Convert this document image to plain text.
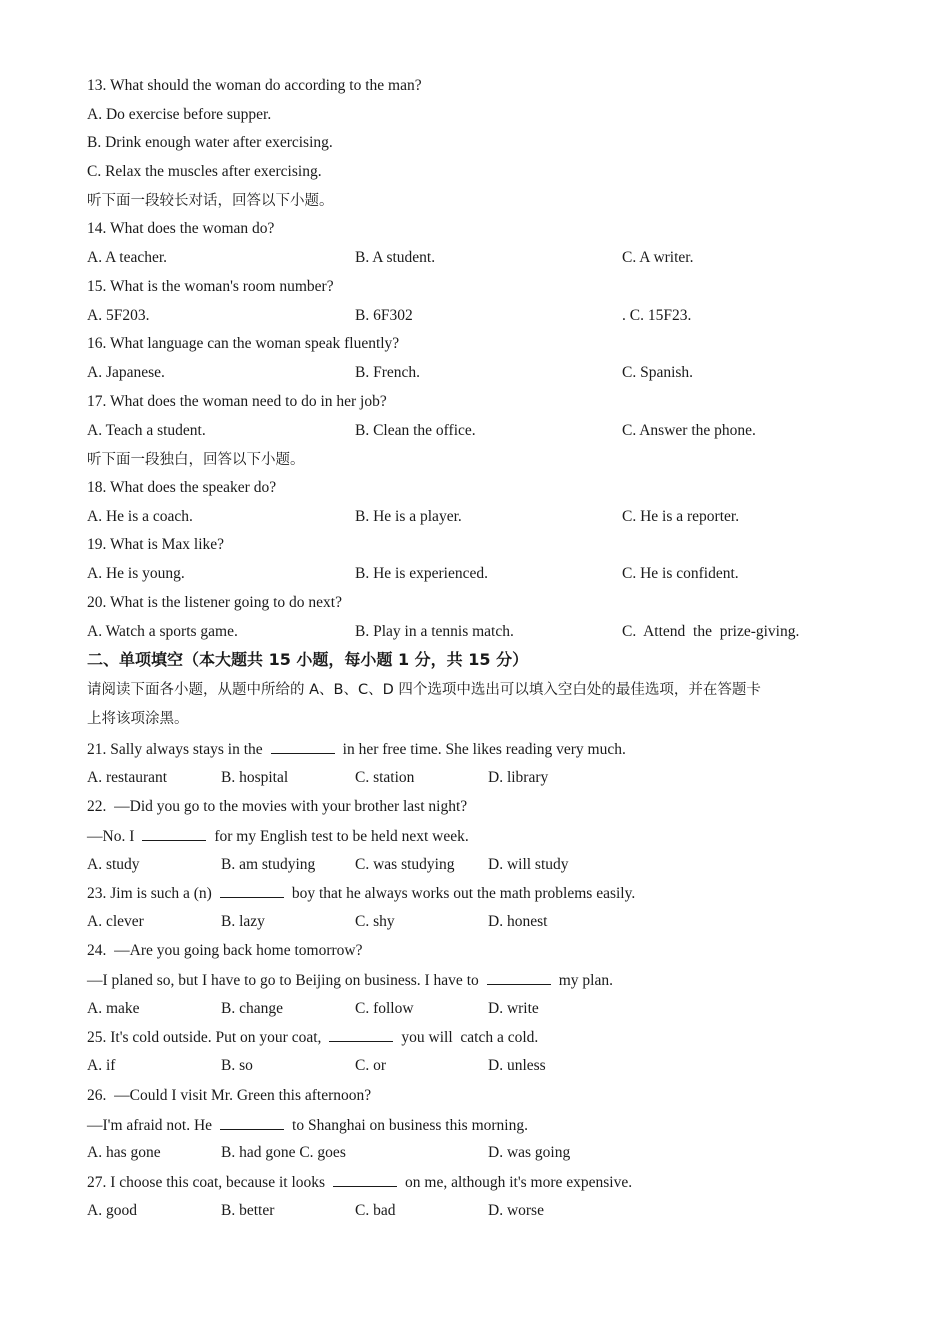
13. What should the woman do according to the man?
A. Do exercise before supper.
B. Drink enough water after exercising.
C. Relax the muscles after exercising.
听下面一段较长对话，回答以下小题。
14. What does the woman do?
A. A teacher.	B. A student.	C. A writer.
15. What is the woman's room number?
A. 5F203.	B. 6F302	. C. 15F23.
16. What language can the woman speak fluently?
A. Japanese.	B. French.	C. Spanish.
17. What does the woman need to do in her job?
A. Teach a student.	B. Clean the office.	C. Answer the phone.
听下面一段独白，回答以下小题。
18. What does the speaker do?
A. He is a coach.	B. He is a player.	C. He is a reporter.
19. What is Max like?
A. He is young.	B. He is experienced.	C. He is confident.
20. What is the listener going to do next?
A. Watch a sports game.	B. Play in a tennis match.	C.  Attend  the  prize-giving.
二、单项填空（本大题共 15 小题，每小题 1 分，共 15 分）
请阅读下面各小题，从题中所给的 A、B、C、D 四个选项中选出可以填入空白处的最佳选项，并在答题卡
上将该项涂黑。
21. Sally always stays in the	in her free time. She likes reading very much.
A. restaurant	B. hospital	C. station	D. library
22.  —Did you go to the movies with your brother last night?
—No. I	for my English test to be held next week.
A. study	B. am studying	C. was studying D. will study
23. Jim is such a (n)	boy that he always works out the math problems easily.
A. clever	B. lazy	C. shy	D. honest
24.  —Are you going back home tomorrow?
—I planed so, but I have to go to Beijing on business. I have to	my plan.
A. make	B. change	C. follow	D. write
25. It's cold outside. Put on your coat,	you will  catch a cold.
A. if	B. so	C. or	D. unless
26.  —Could I visit Mr. Green this afternoon?
—I'm afraid not. He	to Shanghai on business this morning.
A. has gone	B. had gone C. goes	D. was going
27. I choose this coat, because it looks	on me, although it's more expensive.
A. good	B. better	C. bad	D. worse
